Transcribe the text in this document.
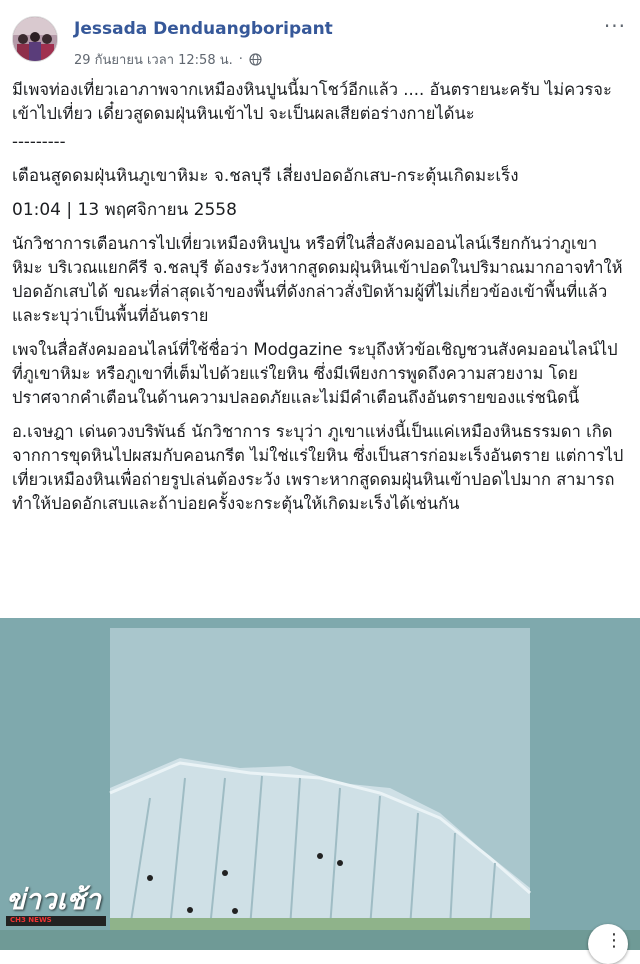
Jessada Denduangboripant
29 กันยายน เวลา 12:58 น. ·
···

มีเพจท่องเที่ยวเอาภาพจากเหมืองหินปูนนี้มาโชว์อีกแล้ว .... อันตรายนะครับ ไม่ควรจะเข้าไปเที่ยว เดี๋ยวสูดดมฝุ่นหินเข้าไป จะเป็นผลเสียต่อร่างกายได้นะ

---------

เตือนสูดดมฝุ่นหินภูเขาหิมะ จ.ชลบุรี เสี่ยงปอดอักเสบ-กระตุ้นเกิดมะเร็ง

01:04 | 13 พฤศจิกายน 2558

นักวิชาการเตือนการไปเที่ยวเหมืองหินปูน หรือที่ในสื่อสังคมออนไลน์เรียกกันว่าภูเขาหิมะ บริเวณแยกคีรี จ.ชลบุรี ต้องระวังหากสูดดมฝุ่นหินเข้าปอดในปริมาณมากอาจทำให้ปอดอักเสบได้ ขณะที่ล่าสุดเจ้าของพื้นที่ดังกล่าวสั่งปิดห้ามผู้ที่ไม่เกี่ยวข้องเข้าพื้นที่แล้วและระบุว่าเป็นพื้นที่อันตราย

เพจในสื่อสังคมออนไลน์ที่ใช้ชื่อว่า Modgazine ระบุถึงหัวข้อเชิญชวนสังคมออนไลน์ไปที่ภูเขาหิมะ หรือภูเขาที่เต็มไปด้วยแร่ใยหิน ซึ่งมีเพียงการพูดถึงความสวยงาม โดยปราศจากคำเตือนในด้านความปลอดภัยและไม่มีคำเตือนถึงอันตรายของแร่ชนิดนี้

อ.เจษฎา เด่นดวงบริพันธ์ นักวิชาการ ระบุว่า ภูเขาแห่งนี้เป็นแค่เหมืองหินธรรมดา เกิดจากการขุดหินไปผสมกับคอนกรีต ไม่ใช่แร่ใยหิน ซึ่งเป็นสารก่อมะเร็งอันตราย แต่การไปเที่ยวเหมืองหินเพื่อถ่ายรูปเล่นต้องระวัง เพราะหากสูดดมฝุ่นหินเข้าปอดไปมาก สามารถทำให้ปอดอักเสบและถ้าบ่อยครั้งจะกระตุ้นให้เกิดมะเร็งได้เช่นกัน

ข่าวเช้า
CH3 NEWS
⋮
